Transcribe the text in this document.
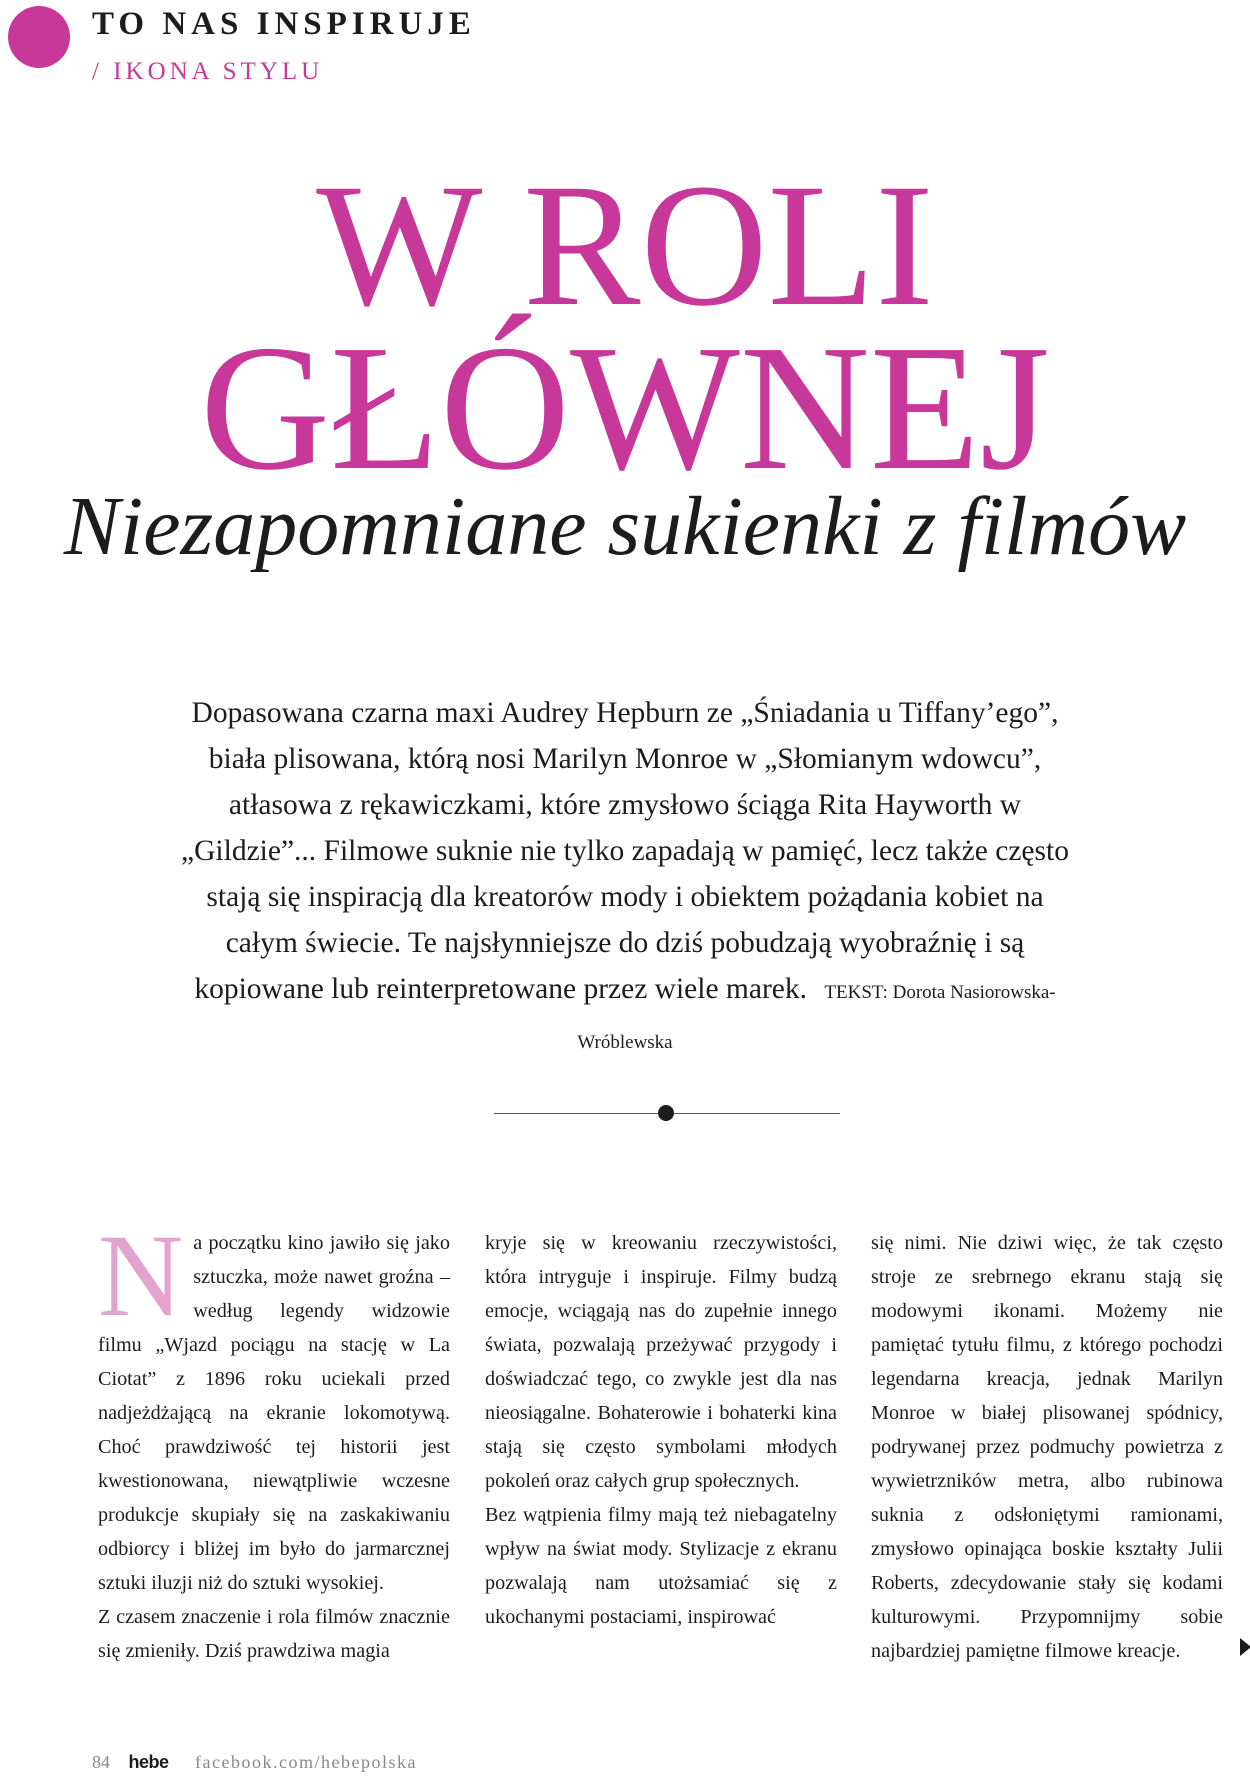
TO NAS INSPIRUJE
/ IKONA STYLU
W ROLI
GŁÓWNEJ
Niezapomniane sukienki z filmów
Dopasowana czarna maxi Audrey Hepburn ze „Śniadania u Tiffany’ego”, biała plisowana, którą nosi Marilyn Monroe w „Słomianym wdowcu”, atłasowa z rękawiczkami, które zmysłowo ściąga Rita Hayworth w „Gildzie”... Filmowe suknie nie tylko zapadają w pamięć, lecz także często stają się inspiracją dla kreatorów mody i obiektem pożądania kobiet na całym świecie. Te najsłynniejsze do dziś pobudzają wyobraźnię i są kopiowane lub reinterpretowane przez wiele marek. TEKST: Dorota Nasiorowska-Wróblewska

Na początku kino jawiło się jako sztuczka, może nawet groźna – według legendy widzowie filmu „Wjazd pociągu na stację w La Ciotat” z 1896 roku uciekali przed nadjeżdżającą na ekranie lokomotywą. Choć prawdziwość tej historii jest kwestionowana, niewątpliwie wczesne produkcje skupiały się na zaskakiwaniu odbiorcy i bliżej im było do jarmarcznej sztuki iluzji niż do sztuki wysokiej.

Z czasem znaczenie i rola filmów znacznie się zmieniły. Dziś prawdziwa magia

kryje się w kreowaniu rzeczywistości, która intryguje i inspiruje. Filmy budzą emocje, wciągają nas do zupełnie innego świata, pozwalają przeżywać przygody i doświadczać tego, co zwykle jest dla nas nieosiągalne. Bohaterowie i bohaterki kina stają się często symbolami młodych pokoleń oraz całych grup społecznych.

Bez wątpienia filmy mają też niebagatelny wpływ na świat mody. Stylizacje z ekranu pozwalają nam utożsamiać się z ukochanymi postaciami, inspirować

się nimi. Nie dziwi więc, że tak często stroje ze srebrnego ekranu stają się modowymi ikonami. Możemy nie pamiętać tytułu filmu, z którego pochodzi legendarna kreacja, jednak Marilyn Monroe w białej plisowanej spódnicy, podrywanej przez podmuchy powietrza z wywietrzników metra, albo rubinowa suknia z odsłoniętymi ramionami, zmysłowo opinająca boskie kształty Julii Roberts, zdecydowanie stały się kodami kulturowymi. Przypomnijmy sobie najbardziej pamiętne filmowe kreacje.

84 hebe facebook.com/hebepolska
